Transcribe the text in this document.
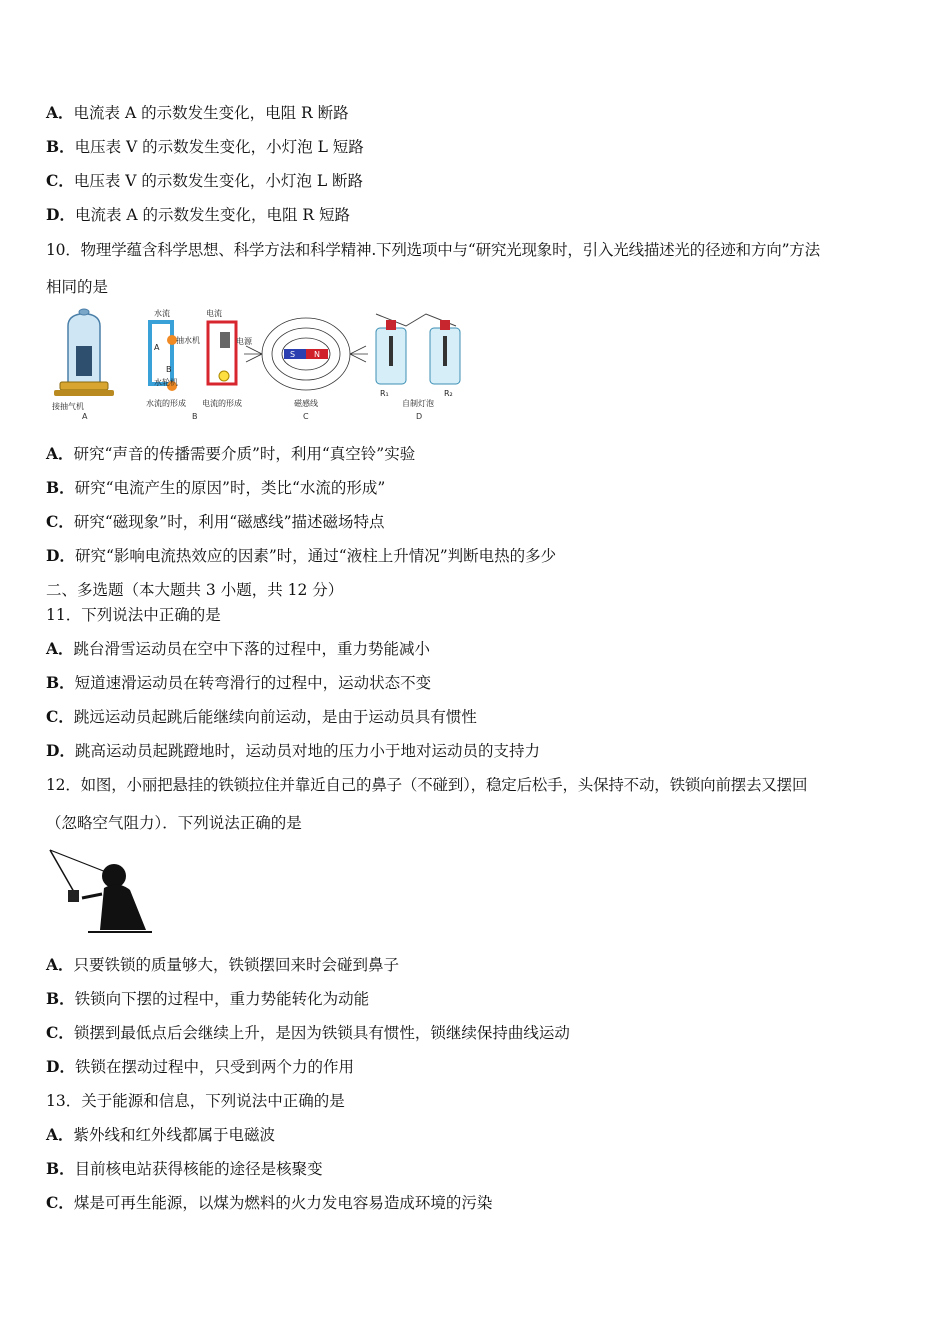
A．电流表 A 的示数发生变化，电阻 R 断路
B．电压表 V 的示数发生变化，小灯泡 L 短路
C．电压表 V 的示数发生变化，小灯泡 L 断路
D．电流表 A 的示数发生变化，电阻 R 短路
10．物理学蕴含科学思想、科学方法和科学精神.下列选项中与“研究光现象时，引入光线描述光的径迹和方向”方法
相同的是
接抽气机
A
水流	电流
抽水机
A
B
水轮机
电源
水流的形成 电流的形成
B
S N
磁感线
C
R₁	R₂
自制灯泡
D
A．研究“声音的传播需要介质”时，利用“真空铃”实验
B．研究“电流产生的原因”时，类比“水流的形成”
C．研究“磁现象”时，利用“磁感线”描述磁场特点
D．研究“影响电流热效应的因素”时，通过“液柱上升情况”判断电热的多少
二、多选题（本大题共 3 小题，共 12 分）
11．下列说法中正确的是
A．跳台滑雪运动员在空中下落的过程中，重力势能减小
B．短道速滑运动员在转弯滑行的过程中，运动状态不变
C．跳远运动员起跳后能继续向前运动，是由于运动员具有惯性
D．跳高运动员起跳蹬地时，运动员对地的压力小于地对运动员的支持力
12．如图，小丽把悬挂的铁锁拉住并靠近自己的鼻子（不碰到），稳定后松手，头保持不动，铁锁向前摆去又摆回
（忽略空气阻力）．下列说法正确的是
A．只要铁锁的质量够大，铁锁摆回来时会碰到鼻子
B．铁锁向下摆的过程中，重力势能转化为动能
C．锁摆到最低点后会继续上升，是因为铁锁具有惯性，锁继续保持曲线运动
D．铁锁在摆动过程中，只受到两个力的作用
13．关于能源和信息，下列说法中正确的是
A．紫外线和红外线都属于电磁波
B．目前核电站获得核能的途径是核聚变
C．煤是可再生能源，以煤为燃料的火力发电容易造成环境的污染
